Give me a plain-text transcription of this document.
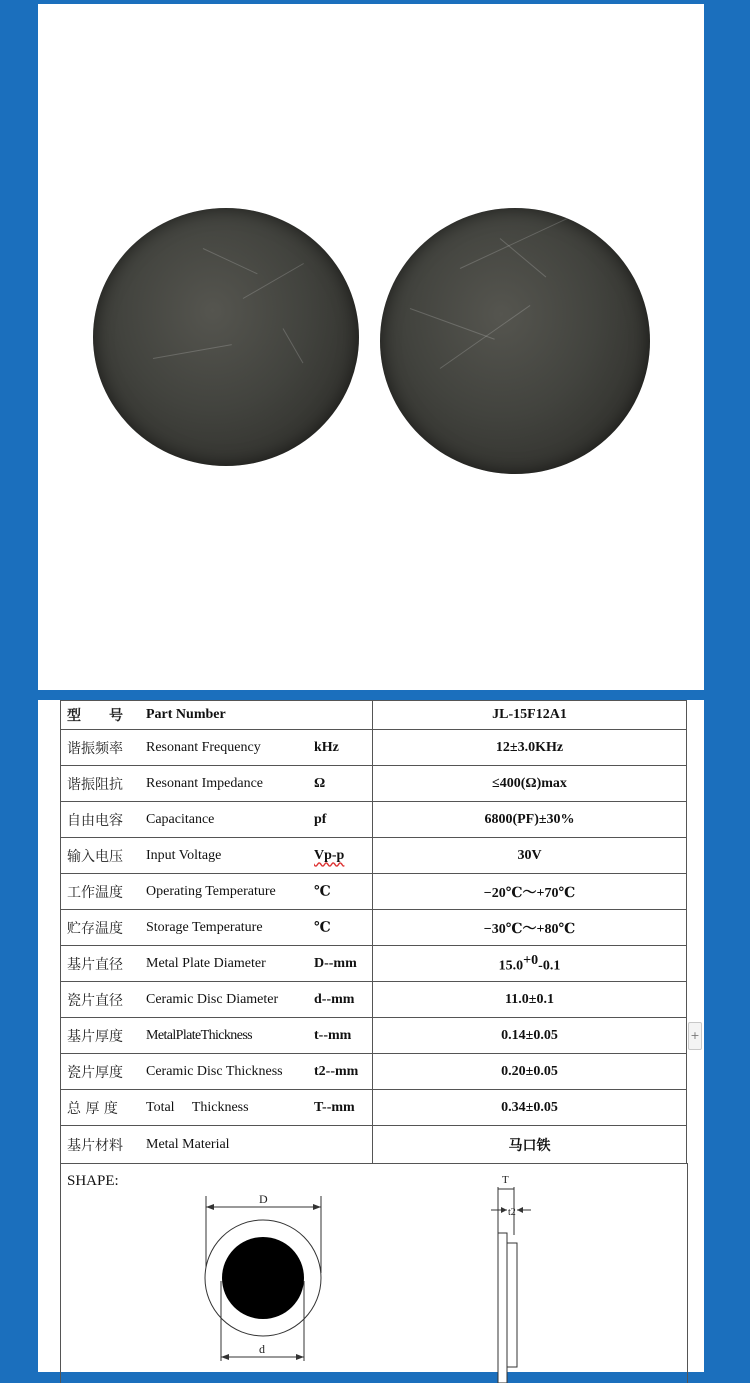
型　　号 Part Number	JL-15F12A1

谐振频率 Resonant Frequency kHz	12±3.0KHz

谐振阻抗 Resonant Impedance Ω	≤400(Ω)max

自由电容 Capacitance pf	6800(PF)±30%

输入电压 Input Voltage Vp-p	30V

工作温度 Operating Temperature ℃	−20℃～+70℃

贮存温度 Storage Temperature ℃	−30℃～+80℃

基片直径 Metal Plate Diameter D--mm	$15.0^{+0}-0.1$

瓷片直径 Ceramic Disc Diameter d--mm	11.0±0.1

基片厚度 MetalPlateThickness t--mm	0.14±0.05

瓷片厚度 Ceramic Disc Thickness t2--mm	0.20±0.05

总 厚 度 Total Thickness T--mm	0.34±0.05

基片材料 Metal Material	马口铁
SHAPE:
D
d
T
t2
+
